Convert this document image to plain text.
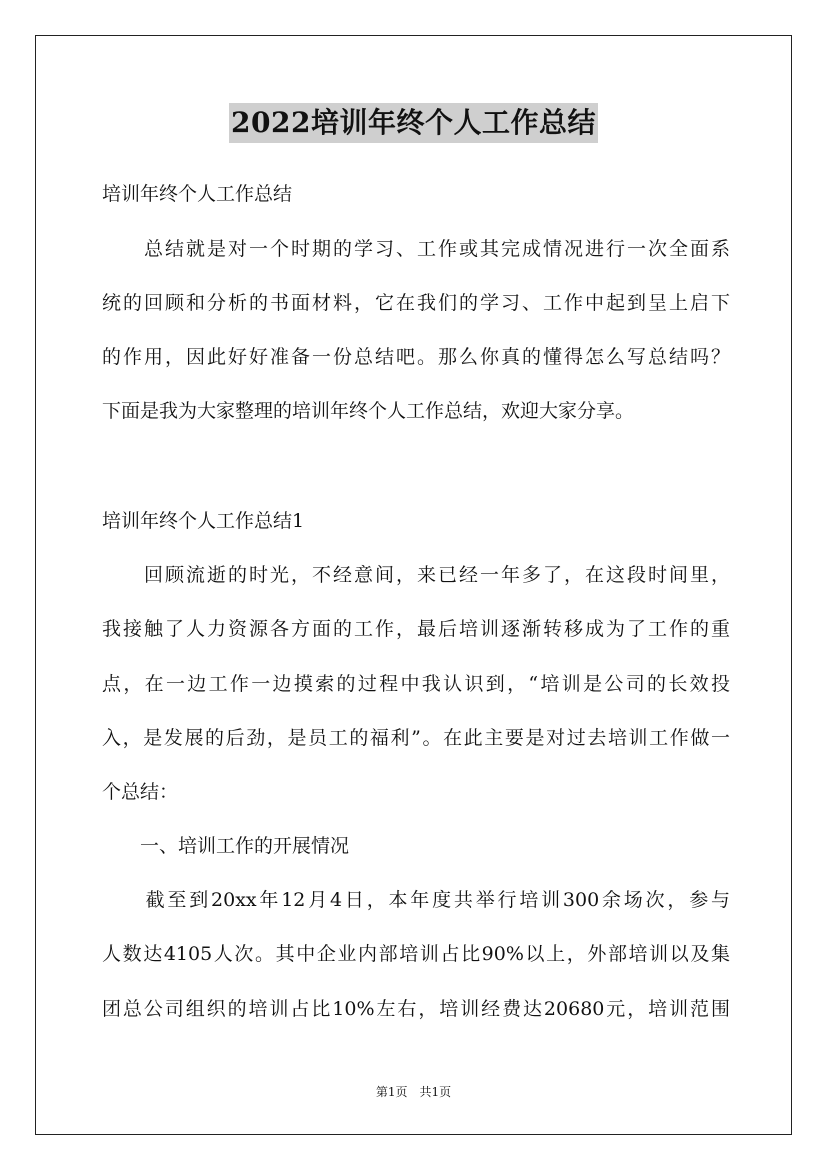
2022培训年终个人工作总结
培训年终个人工作总结
　　总结就是对一个时期的学习、工作或其完成情况进行一次全面系
统的回顾和分析的书面材料，它在我们的学习、工作中起到呈上启下
的作用，因此好好准备一份总结吧。那么你真的懂得怎么写总结吗？
下面是我为大家整理的培训年终个人工作总结，欢迎大家分享。
培训年终个人工作总结1
　　回顾流逝的时光，不经意间，来已经一年多了，在这段时间里，
我接触了人力资源各方面的工作，最后培训逐渐转移成为了工作的重
点，在一边工作一边摸索的过程中我认识到，“培训是公司的长效投
入，是发展的后劲，是员工的福利”。在此主要是对过去培训工作做一
个总结：
　　一、培训工作的开展情况
　　截至到20xx年12月4日，本年度共举行培训300余场次，参与
人数达4105人次。其中企业内部培训占比90%以上，外部培训以及集
团总公司组织的培训占比10%左右，培训经费达20680元，培训范围
第1页　共1页
